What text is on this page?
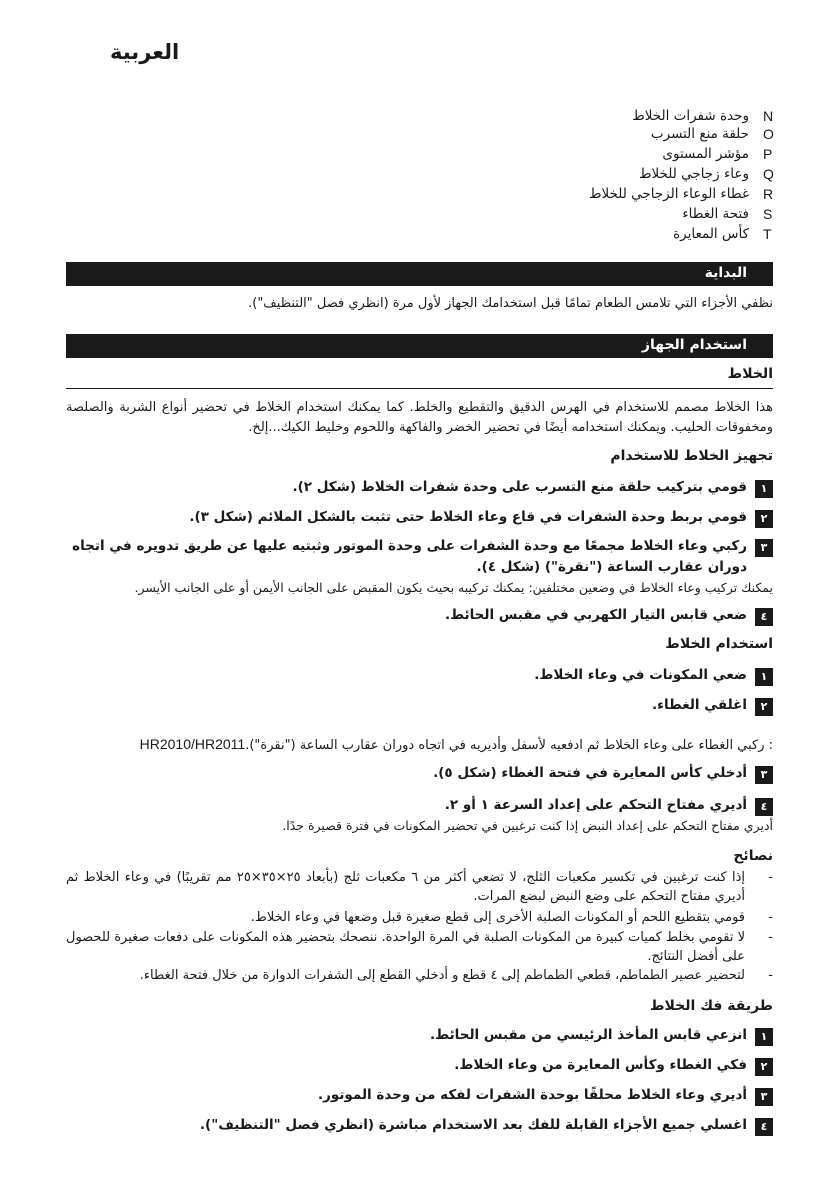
العربية
N
وحدة شفرات الخلاط
O
حلقة منع التسرب
P
مؤشر المستوى
Q
وعاء زجاجي للخلاط
R
غطاء الوعاء الزجاجي للخلاط
S
فتحة الغطاء
T
كأس المعايرة
البداية
نظفي الأجزاء التي تلامس الطعام تمامًا قبل استخدامك الجهاز لأول مرة (انظري فصل "التنظيف").
استخدام الجهاز
الخلاط
هذا الخلاط مصمم للاستخدام في الهرس الدقيق والتقطيع والخلط. كما يمكنك استخدام الخلاط في تحضير أنواع الشربة والصلصة ومخفوقات الحليب. ويمكنك استخدامه أيضًا في تحضير الخضر والفاكهة واللحوم وخليط الكيك...إلخ.
تجهيز الخلاط للاستخدام
١
قومي بتركيب حلقة منع التسرب على وحدة شفرات الخلاط (شكل ٢).
٢
قومي بربط وحدة الشفرات في قاع وعاء الخلاط حتى تثبت بالشكل الملائم (شكل ٣).
٣
ركبي وعاء الخلاط مجمعًا مع وحدة الشفرات على وحدة الموتور وثبتيه عليها عن طريق تدويره في اتجاه دوران عقارب الساعة ("نقرة") (شكل ٤).
يمكنك تركيب وعاء الخلاط في وضعين مختلفين: يمكنك تركيبه بحيث يكون المقبض على الجانب الأيمن أو على الجانب الأيسر.
٤
ضعي قابس التيار الكهربي في مقبس الحائط.
استخدام الخلاط
١
ضعي المكونات في وعاء الخلاط.
٢
اغلقي الغطاء.
: ركبي الغطاء على وعاء الخلاط ثم ادفعيه لأسفل وأديريه في اتجاه دوران عقارب الساعة ("نقرة").HR2010/HR2011
٣
أدخلي كأس المعايرة في فتحة الغطاء (شكل ٥).
٤
أديري مفتاح التحكم على إعداد السرعة ١ أو ٢.
أديري مفتاح التحكم على إعداد النبض إذا كنت ترغبين في تحضير المكونات في فترة قصيرة جدًا.
نصائح
-
إذا كنت ترغبين في تكسير مكعبات الثلج، لا تضعي أكثر من ٦ مكعبات ثلج (بأبعاد ٢٥×٣٥×٢٥ مم تقريبًا) في وعاء الخلاط ثم أديري مفتاح التحكم على وضع النبض لبضع المرات.
-
قومي بتقطيع اللحم أو المكونات الصلبة الأخرى إلى قطع صغيرة قبل وضعها في وعاء الخلاط.
-
لا تقومي بخلط كميات كبيرة من المكونات الصلبة في المرة الواحدة. ننصحك بتحضير هذه المكونات على دفعات صغيرة للحصول على أفضل النتائج.
-
لتحضير عصير الطماطم، قطعي الطماطم إلى ٤ قطع و أدخلي القطع إلى الشفرات الدوارة من خلال فتحة الغطاء.
طريقة فك الخلاط
١
انزعي قابس المأخذ الرئيسي من مقبس الحائط.
٢
فكي الغطاء وكأس المعايرة من وعاء الخلاط.
٣
أديري وعاء الخلاط محلقًا بوحدة الشفرات لفكه من وحدة الموتور.
٤
اغسلي جميع الأجزاء القابلة للفك بعد الاستخدام مباشرة (انظري فصل "التنظيف").
